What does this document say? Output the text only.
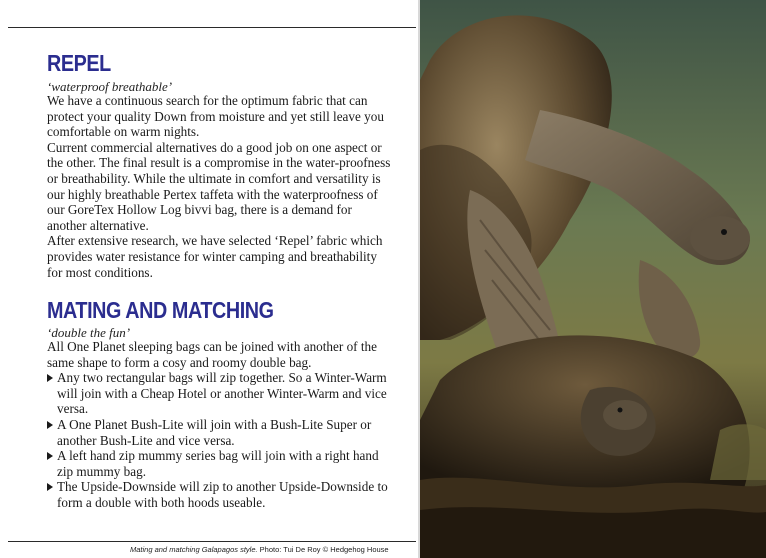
REPEL
‘waterproof breathable’

We have a continuous search for the optimum fabric that can protect your quality Down from moisture and yet still leave you comfortable on warm nights.

Current commercial alternatives do a good job on one aspect or the other. The final result is a compromise in the water-proofness or breathability. While the ultimate in comfort and versatility is our highly breathable Pertex taffeta with the waterproofness of our GoreTex Hollow Log bivvi bag, there is a demand for another alternative.

After extensive research, we have selected ‘Repel’ fabric which provides water resistance for winter camping and breathability for most conditions.

MATING AND MATCHING
‘double the fun’

All One Planet sleeping bags can be joined with another of the same shape to form a cosy and roomy double bag.

Any two rectangular bags will zip together. So a Winter-Warm will join with a Cheap Hotel or another Winter-Warm and vice versa.
A One Planet Bush-Lite will join with a Bush-Lite Super or another Bush-Lite and vice versa.
A left hand zip mummy series bag will join with a right hand zip mummy bag.
The Upside-Downside will zip to another Upside-Downside to form a double with both hoods useable.
Mating and matching Galapagos style. Photo: Tui De Roy © Hedgehog House
